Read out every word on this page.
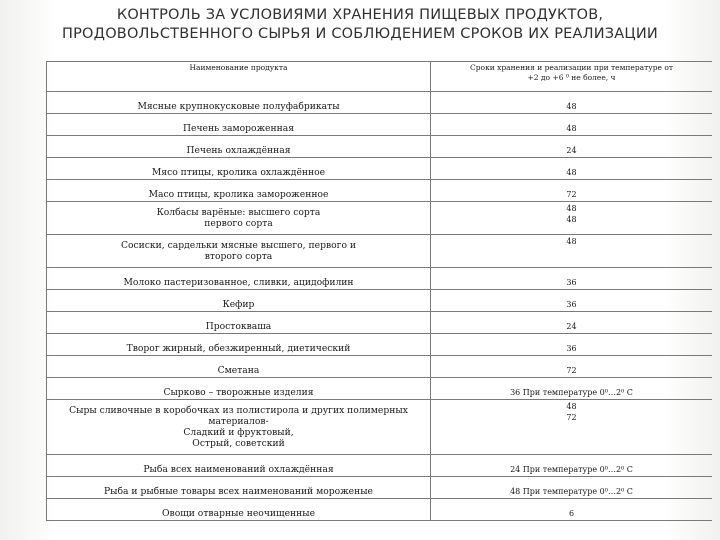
КОНТРОЛЬ ЗА УСЛОВИЯМИ ХРАНЕНИЯ ПИЩЕВЫХ ПРОДУКТОВ,
ПРОДОВОЛЬСТВЕННОГО СЫРЬЯ И СОБЛЮДЕНИЕМ СРОКОВ ИХ РЕАЛИЗАЦИИ
Наименование продукта	Сроки хранения и реализации при температуре от
+2 до +6 ⁰ не более, ч

Мясные крупнокусковые полуфабрикаты	48

Печень замороженная	48

Печень охлаждённая	24

Мясо птицы, кролика охлаждённое	48

Масо птицы, кролика замороженное	72

Колбасы варёные: высшего сорта
первого сорта	48
48

Сосиски, сардельки мясные высшего, первого и
второго сорта	48

Молоко пастеризованное, сливки, ацидофилин	36

Кефир	36

Простокваша	24

Творог жирный, обезжиренный, диетический	36

Сметана	72

Сырково – творожные изделия	36 При температуре 0⁰…2⁰ С

Сыры сливочные в коробочках из полистирола и других полимерных
материалов-
Сладкий и фруктовый,
Острый, советский	48
72

Рыба всех наименований охлаждённая	24 При температуре 0⁰…2⁰ С

Рыба и рыбные товары всех наименований мороженые	48 При температуре 0⁰…2⁰ С

Овощи отварные неочищенные	6
